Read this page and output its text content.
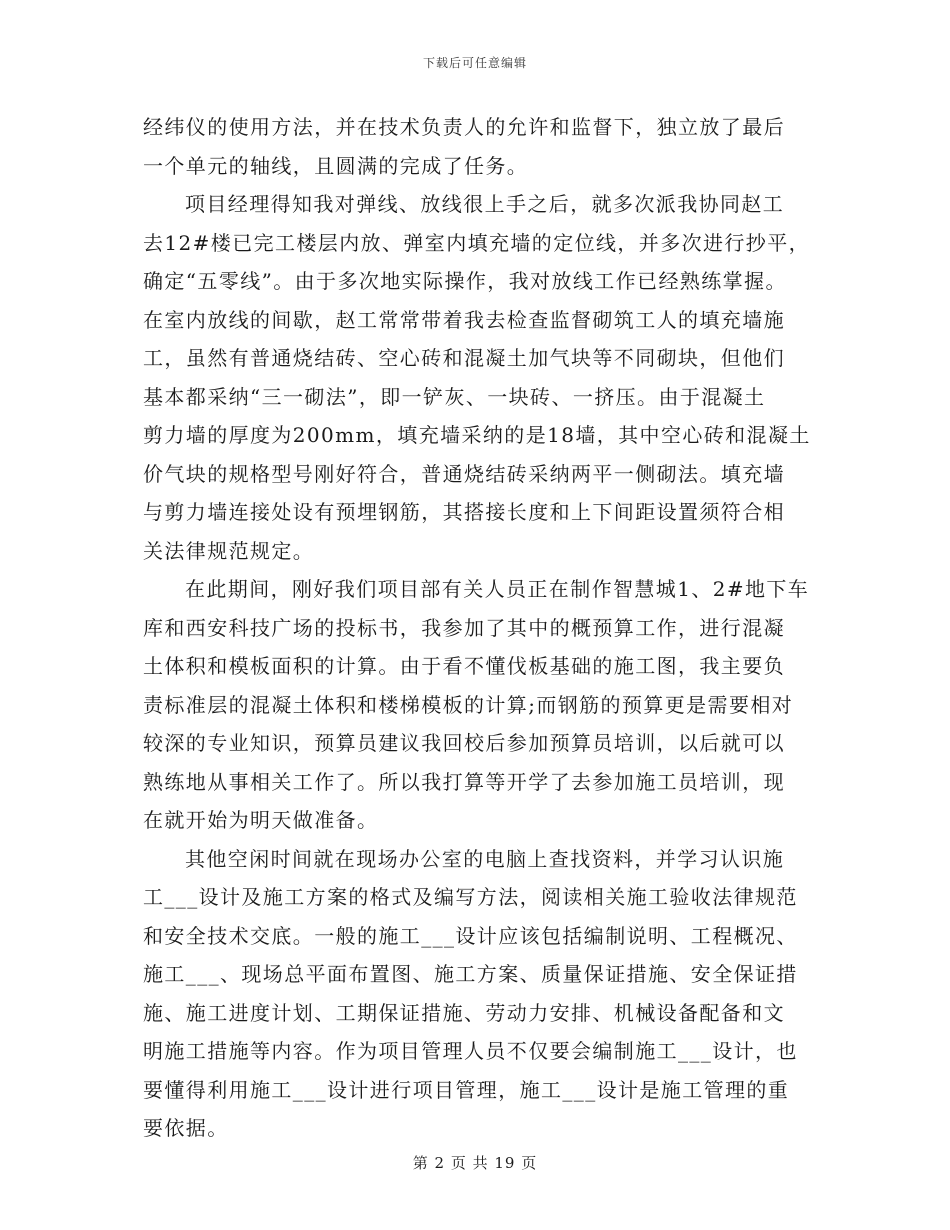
下载后可任意编辑
经纬仪的使用方法，并在技术负责人的允许和监督下，独立放了最后
一个单元的轴线，且圆满的完成了任务。
项目经理得知我对弹线、放线很上手之后，就多次派我协同赵工
去12#楼已完工楼层内放、弹室内填充墙的定位线，并多次进行抄平，
确定“五零线”。由于多次地实际操作，我对放线工作已经熟练掌握。
在室内放线的间歇，赵工常常带着我去检查监督砌筑工人的填充墙施
工，虽然有普通烧结砖、空心砖和混凝土加气块等不同砌块，但他们
基本都采纳“三一砌法”，即一铲灰、一块砖、一挤压。由于混凝土
剪力墙的厚度为200mm，填充墙采纳的是18墙，其中空心砖和混凝土
价气块的规格型号刚好符合，普通烧结砖采纳两平一侧砌法。填充墙
与剪力墙连接处设有预埋钢筋，其搭接长度和上下间距设置须符合相
关法律规范规定。
在此期间，刚好我们项目部有关人员正在制作智慧城1、2#地下车
库和西安科技广场的投标书，我参加了其中的概预算工作，进行混凝
土体积和模板面积的计算。由于看不懂伐板基础的施工图，我主要负
责标准层的混凝土体积和楼梯模板的计算;而钢筋的预算更是需要相对
较深的专业知识，预算员建议我回校后参加预算员培训，以后就可以
熟练地从事相关工作了。所以我打算等开学了去参加施工员培训，现
在就开始为明天做准备。
其他空闲时间就在现场办公室的电脑上查找资料，并学习认识施
工___设计及施工方案的格式及编写方法，阅读相关施工验收法律规范
和安全技术交底。一般的施工___设计应该包括编制说明、工程概况、
施工___、现场总平面布置图、施工方案、质量保证措施、安全保证措
施、施工进度计划、工期保证措施、劳动力安排、机械设备配备和文
明施工措施等内容。作为项目管理人员不仅要会编制施工___设计，也
要懂得利用施工___设计进行项目管理，施工___设计是施工管理的重
要依据。
第 2 页 共 19 页
